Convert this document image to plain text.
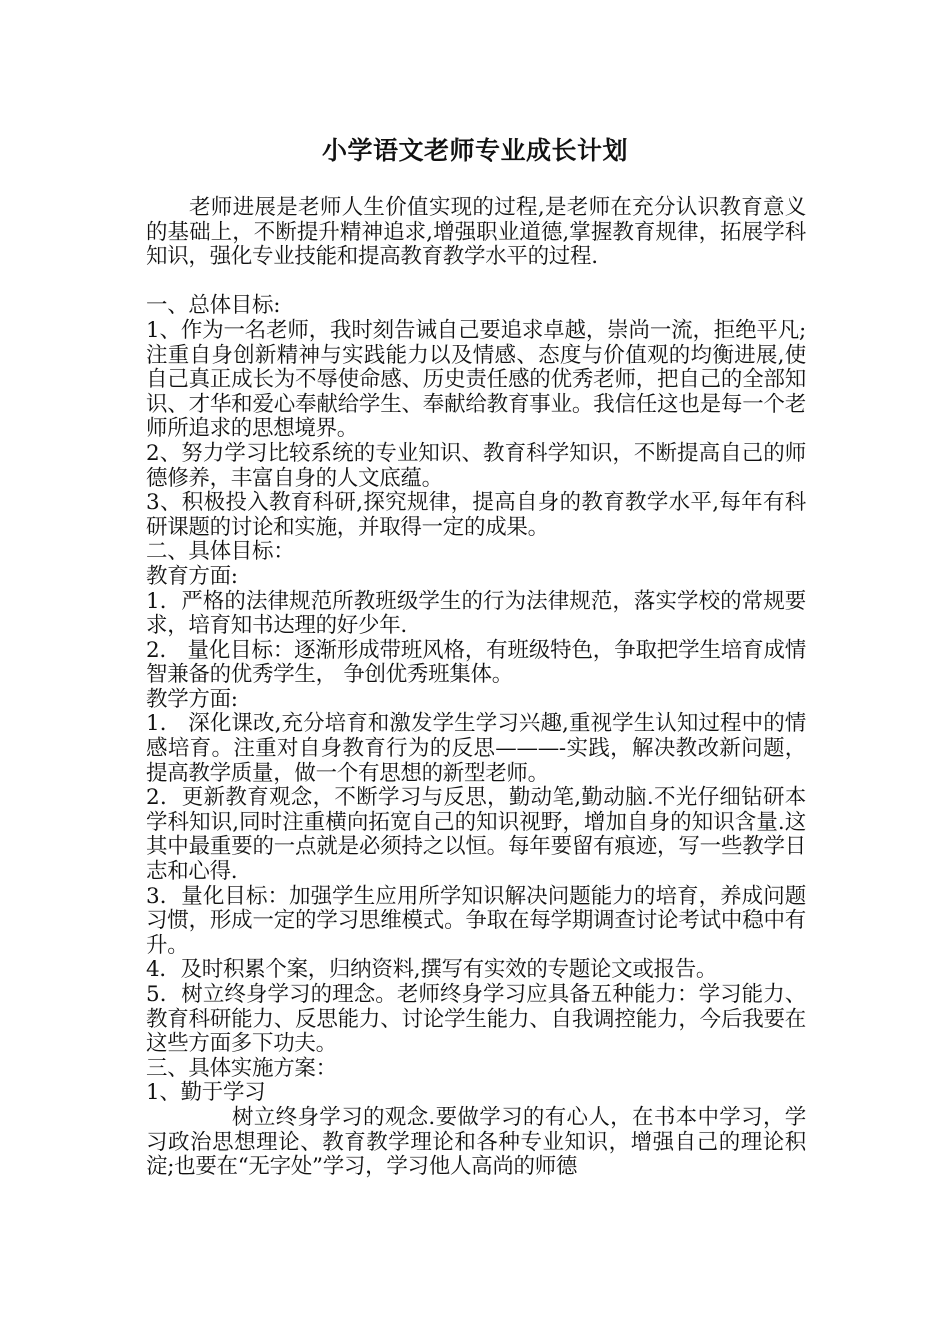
小学语文老师专业成长计划

老师进展是老师人生价值实现的过程,是老师在充分认识教育意义的基础上，不断提升精神追求,增强职业道德,掌握教育规律，拓展学科知识，强化专业技能和提高教育教学水平的过程.

一、总体目标:

1、作为一名老师，我时刻告诫自己要追求卓越，崇尚一流，拒绝平凡;注重自身创新精神与实践能力以及情感、态度与价值观的均衡进展,使自己真正成长为不辱使命感、历史责任感的优秀老师，把自己的全部知识、才华和爱心奉献给学生、奉献给教育事业。我信任这也是每一个老师所追求的思想境界。

2、努力学习比较系统的专业知识、教育科学知识，不断提高自己的师德修养，丰富自身的人文底蕴。

3、积极投入教育科研,探究规律，提高自身的教育教学水平,每年有科研课题的讨论和实施，并取得一定的成果。

二、具体目标：

教育方面:

1．严格的法律规范所教班级学生的行为法律规范，落实学校的常规要求，培育知书达理的好少年.

2． 量化目标：逐渐形成带班风格，有班级特色，争取把学生培育成情智兼备的优秀学生， 争创优秀班集体。

教学方面:

1． 深化课改,充分培育和激发学生学习兴趣,重视学生认知过程中的情感培育。注重对自身教育行为的反思———-实践，解决教改新问题，提高教学质量，做一个有思想的新型老师。

2．更新教育观念，不断学习与反思，勤动笔,勤动脑.不光仔细钻研本学科知识,同时注重横向拓宽自己的知识视野，增加自身的知识含量.这其中最重要的一点就是必须持之以恒。每年要留有痕迹，写一些教学日志和心得.

3．量化目标：加强学生应用所学知识解决问题能力的培育，养成问题习惯，形成一定的学习思维模式。争取在每学期调查讨论考试中稳中有升。

4．及时积累个案，归纳资料,撰写有实效的专题论文或报告。

5．树立终身学习的理念。老师终身学习应具备五种能力：学习能力、教育科研能力、反思能力、讨论学生能力、自我调控能力，今后我要在这些方面多下功夫。

三、具体实施方案：

1、勤于学习

树立终身学习的观念.要做学习的有心人，在书本中学习，学习政治思想理论、教育教学理论和各种专业知识，增强自己的理论积淀;也要在“无字处”学习，学习他人高尚的师德
